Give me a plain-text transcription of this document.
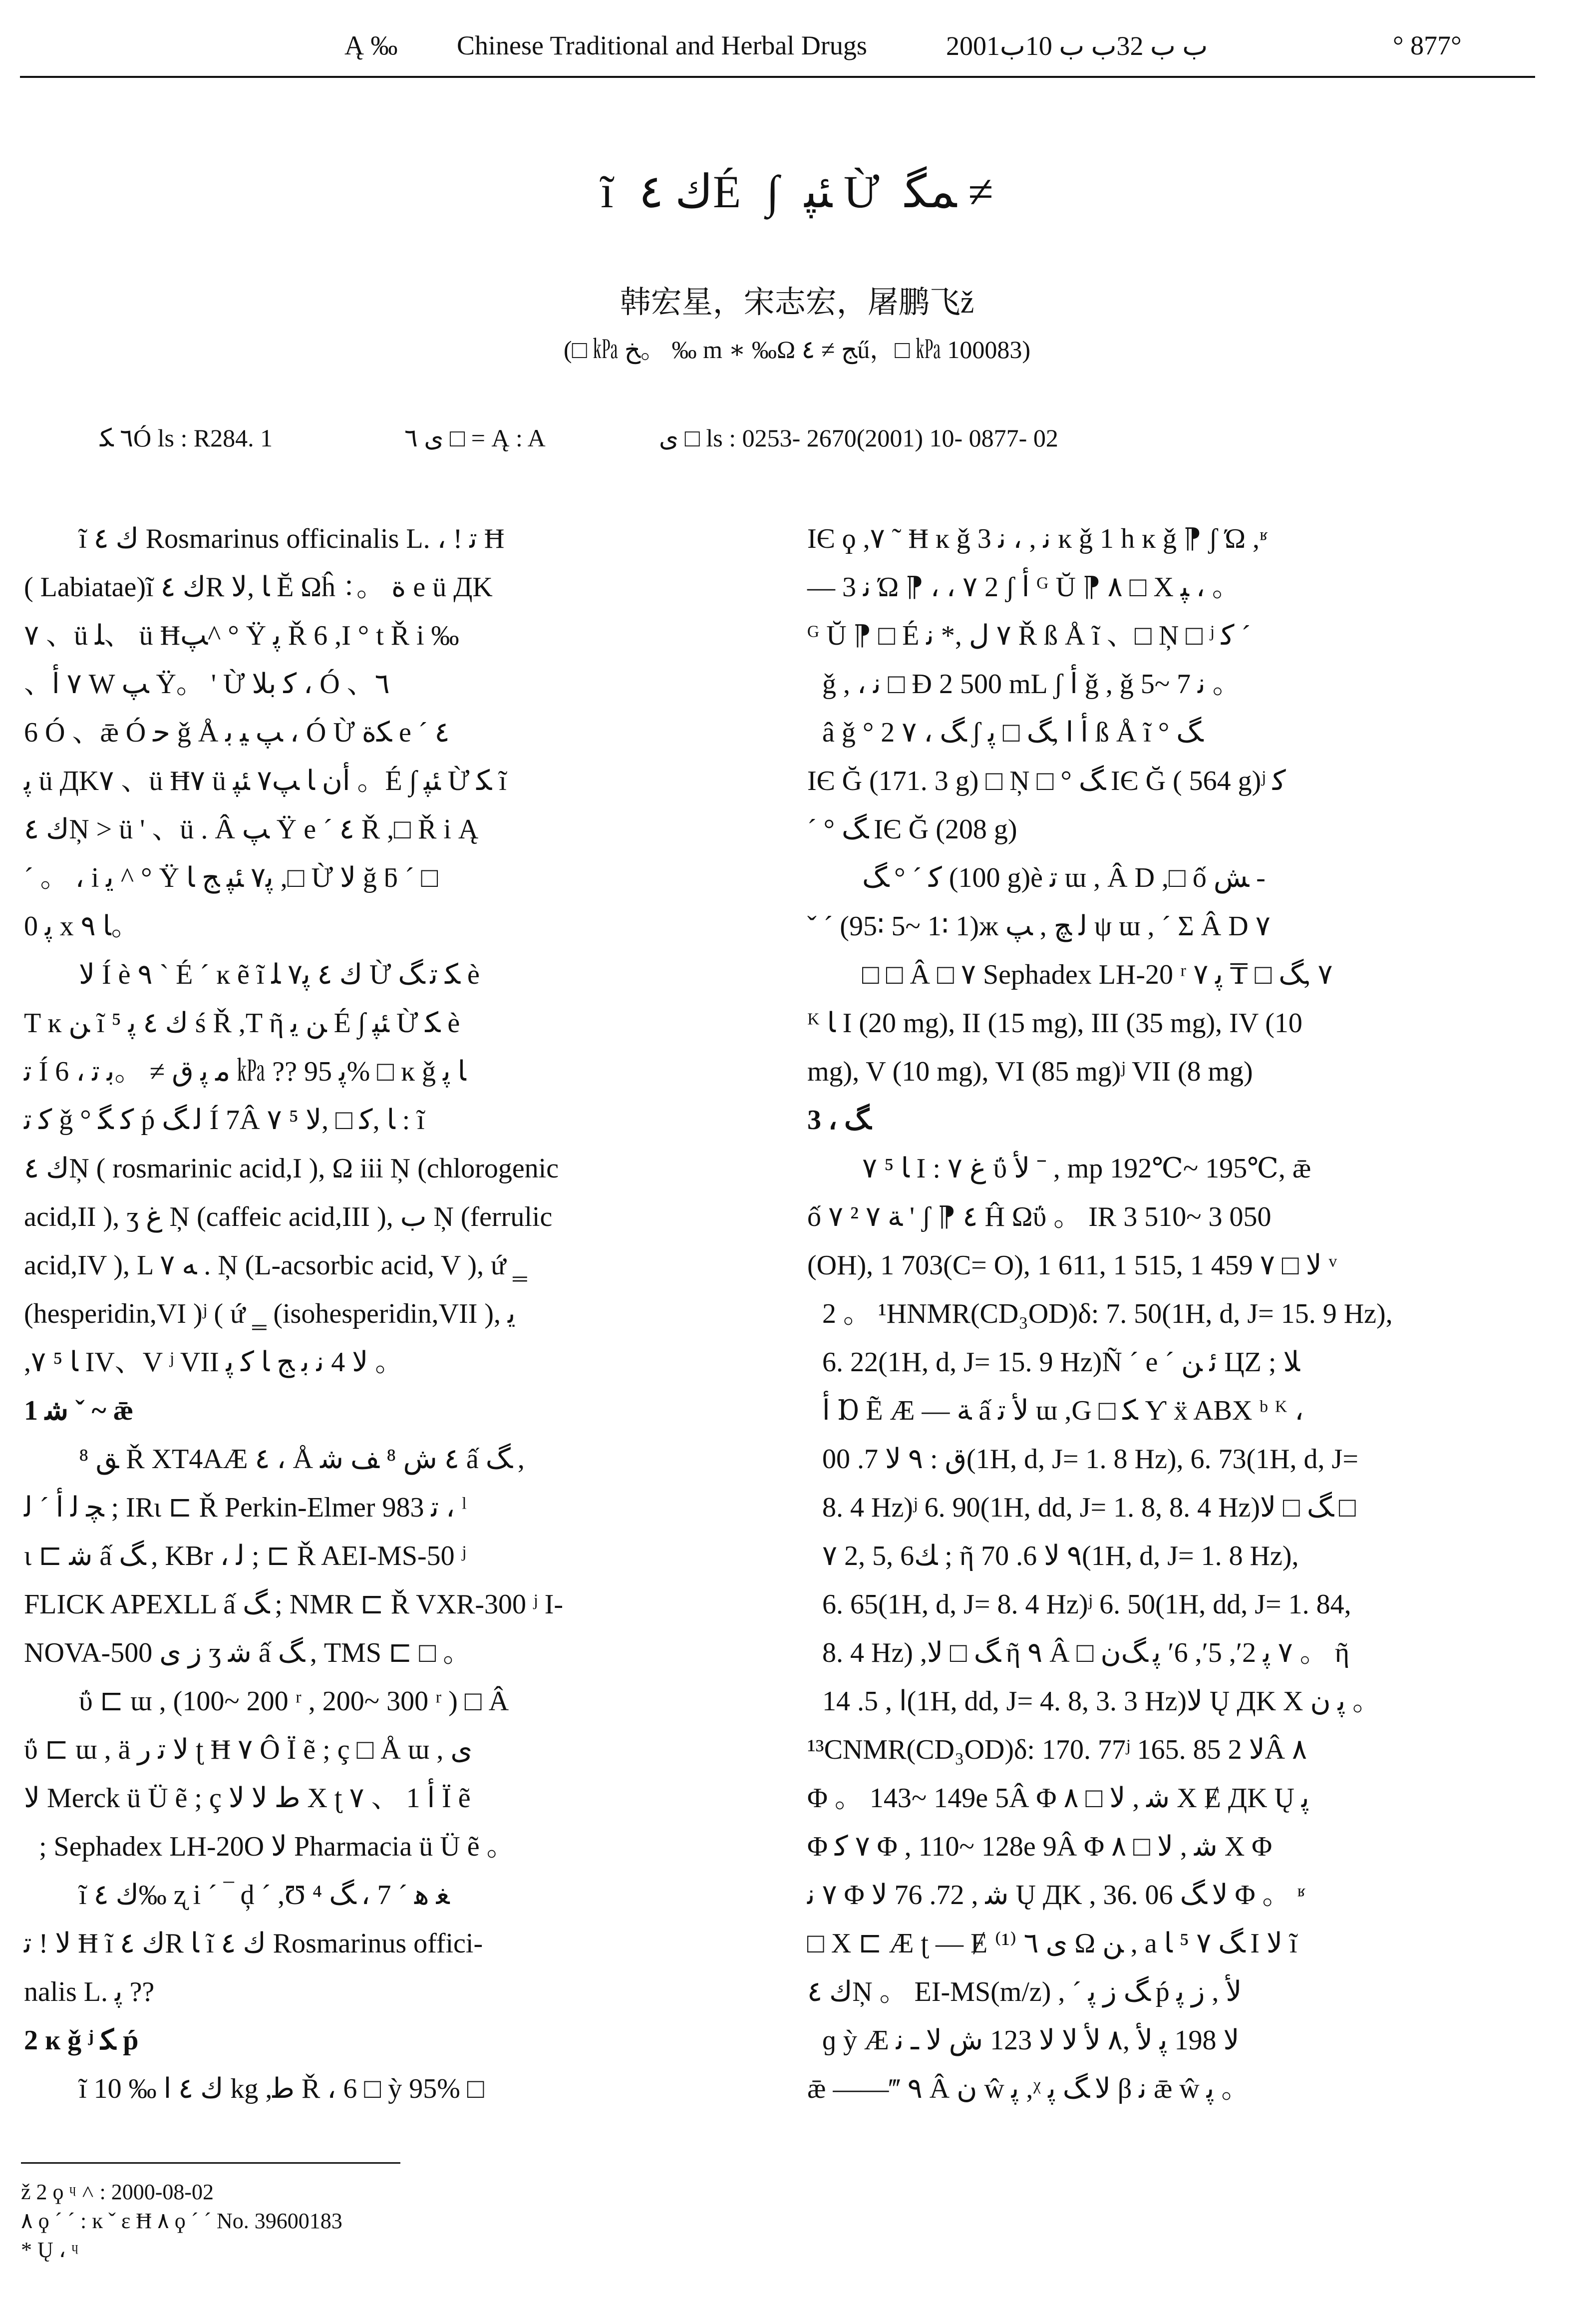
Ą ‰ Chinese Traditional and Herbal Drugs	2001ب ب 32ب ب 10ب	° 877°
ĩ ك ٤É ∫ ﺌﭙ Ừ ﻤﮕ ≠
韩宏星，宋志宏，屠鹏飞ž
(□ ㎪ ﺦ。 ‰ m ∗ ‰Ω ﺞ ≠ ٤ű，□ ㎪ 100083)
٦ ﮑÓ ls : R284. 1	ی ٦ □ = Ą : A	ی □ ls : 0253- 2670(2001) 10- 0877- 02
ĩ ك ٤ Rosmarinus officinalis L. ، ! ﺗ Ħ
( Labiatae)ĩ ك ٤R ﺎ ,ﻻ Ĕ Ωĥ ：。 ﺓ e ü ДΚ
٧ 、ü ﻠ、 ü Ħﭗ^ ° Ÿ ﭘ Ř 6 ,I ° t Ř i ‰
、٧ ﺃ W ﭗ Ÿ。 ' Ừ ﻛ ﺑﻼ ، Ó 、٦
6 Ó 、ǣ Ó ﺣ ǧ Å ﭗ ﻴ ﺑ ، Ó Ừ ﮑﺓ e ´ ٤
ﭘ ü ДΚ٧ 、ü Ħ٧ ü أن ﺎ ﭗ٧ ﺌﭙ 。É ∫ ﺌﭙ Ừ ﮑ ĩ
ك ٤Ņ > ü ' 、ü . Â ﭗ Ÿ e ´ ٤ Ř ,□ Ř i Ą
´ 。 ، i ﯾ ^ ° Ÿ ﭘ٧ ﺌﭙ ﺞ ﺎ ,□ Ừ ﻻ ğ ƃ ´ □
0 ﭘ x ﺎ ٩。
ﻻ Í è ٩ ` É ´ ĸ ẽ ĩ ك ٤ ﭘ٧ ﻠ Ừ ﮑ ﺗ ﮓ è
Τ ĸ ﻦ ĩ ك ٤ ﭘ ⁵ ś Ř ,Τ ῆ ﻦ ﯾ É ∫ ﺌﭙ Ừ ﮑ è
ﺗ Í 6 ، ﻣ ﭘ ﻕ ≠ 。ﺑ ﺗ ㎪ ?? ﭘ 95% □ ĸ ǧ ﺎ ﭘ
ﮐ ﺗ ǧ ° ﻛ ﮕ ṕ ﻟ ﮓ Í 7Â ٧ ⁵ ﺎ ,ﻛ □ ,ﻻ : ĩ
ك ٤Ņ ( rosmarinic acid,I ), Ω iii Ņ (chlorogenic
acid,II ), ʒ ﻍ Ņ (caffeic acid,III ), ب Ņ (ferrulic
acid,IV ), L ﻪ ٧ . Ņ (L-acsorbic acid, V ), ứ ‗
(hesperidin,VI )ʲ ( ứ ‗ (isohesperidin,VII ), ﯾ
,٧ ⁵ ﺎ IV、V ʲ VII ﻻ 4 ﻧ ﺑ ﺞ ﺎ ﻛ ﭘ 。
1 ﺷ ˇ ~ ǣ
⁸ ﻖ Ř XT4AÆ ٤ ، Å ٤ ﺵ ⁸ ﻒ ﺷ ấ ﮓ ,
ﭽ ﻟ ﺃ ´ ﻟ ; IRι ⊏ Ř Perkin-Elmer 983 ﺗ ، ˡ
ι ⊏ ﺷ ấ ﮓ , KBr ، ﻟ ; ⊏ Ř AEI-MS-50 ʲ
FLICK APEXLL ấ ﮓ ; NMR ⊏ Ř VXR-300 ʲ I-
NOVA-500 ﺯ ی ʒ ﺷ ấ ﮓ , TMS ⊏ □ 。
ΰ ⊏ ɯ , (100~ 200 ʳ , 200~ 300 ʳ ) □ Â
ΰ ⊏ ɯ , ä ﻻ ﺗ ﺭ ʈ Ħ ٧ Ô Ï ẽ ; ç □ Å ɯ , ی
ﻻ Merck ü Ü ẽ ; ç ﻁ ﻻ ﻻ Χ ʈ ٧ 、 1 ﺃ Ï ẽ
; Sephadex LH-20O ﻻ Pharmacia ü Ü ẽ 。
ĩ ك ٤‰ ʐ i ´ ‾ ḑ ´ ,Ʊ ⁴ ﻐ ﻫ ´ 7 ، ﮓ
ﻻ ! ﺗ Ħ ĩ ك ٤R ﺎ ĩ ك ٤ Rosmarinus offici-
nalis L. ﭘ ??
2 ĸ ǧ ʲ ﮑ ṕ
ĩ ك ٤ ا ‰ 10 kg ,ﻃ Ř ، 6 □ ỳ 95% □
IЄ ϙ ,٧ ˜ Ħ ĸ ǧ 3 ﻧ , ، ﻧ ĸ ǧ 1 h ĸ ǧ ⁋ ʃ Ώ ,ʶ
— 3 ﻧ Ώ ⁋ ، ، ٧ 2 ʃ ﺃ ᴳ Ŭ ⁋ ٨ □ Χ ﭙ ، 。
ᴳ Ŭ ⁋ □ É ٧ ﻝ ,* ﻧ Ř ß Å ĩ 、□ Ņ □ ʲ ﮐ ´
ǧ , ، ﻧ □ Đ 2 500 mL ʃ ﺃ ǧ , ǧ 5~ 7 ﻧ 。
â ǧ ° ﮓ ، ٧ 2 ʃ ﺃ ا ,ﮓ □ ﭘ ß Å ĩ ° ﮓ
IЄ Ğ (171. 3 g) □ Ņ □ ° ﮓ IЄ Ğ ( 564 g)ʲ ﮐ
´ ° ﮓ IЄ Ğ (208 g)
ﮐ ´ ° ﮓ (100 g)è ﺗ ɯ , Â D ,□ ố ﺶ -
ˇ ´ (95∶ 5~ 1∶ 1)ж ﻟ ﭻ , ﭗ ψ ɯ , ´ Σ Â D ٧
□ □ Â □ ٧ Sephadex LH-20 ʳ ٧ ,ﮓ □ ₸ ﭘ ٧
ᴷ ﺎ I (20 mg), II (15 mg), III (35 mg), IV (10
mg), V (10 mg), VI (85 mg)ʲ VII (8 mg)
3 ، ﮓ
٧ ⁵ ﺎ I : ﻍ ٧ ΰ ﻷ ˉ , mp 192℃~ 195℃, ǣ
ố ٧ ² ﺔ ٧ ' ʃ ⁋ ٤ Ĥ Ωΰ 。 IR 3 510~ 3 050
(OH), 1 703(C= O), 1 611, 1 515, 1 459 ﻻ □ ٧ ᵛ
2 。 ¹HNMR(CD₃OD)δ: 7. 50(1H, d, J= 15. 9 Hz),
6. 22(1H, d, J= 15. 9 Hz)Ñ ´ e ´ ﺋ ﻦ ЦZ ; ﻼ
ﺃ Ɒ Ẽ Æ — ﺔ ấ ﻷ ﺗ ɯ ,G □ ﮑ Ƴ ẍ ABX ᵇ ᴷ ،
ﻕ : ٩ ﻻ 7. 00(1H, d, J= 1. 8 Hz), 6. 73(1H, d, J=
8. 4 Hz)ʲ 6. 90(1H, dd, J= 1. 8, 8. 4 Hz)ﮓ □ ﻻ □
٧ 2, 5, 6ﻚ ; ῆ ٩ ﻻ 6. 70(1H, d, J= 1. 8 Hz),
6. 65(1H, d, J= 8. 4 Hz)ʲ 6. 50(1H, dd, J= 1. 84,
8. 4 Hz) ,ﮓ □ ﻻ ῆ ٩ Â □ ٧ ﭘ 2′, 5′, 6′ ﭘ ﮓﻥ 。 ῆ
ا , 5. 14(1H, dd, J= 4. 8, 3. 3 Hz)ﻻ Ų ДΚ Χ ﭘ ﻥ 。
¹³CNMR(CD₃OD)δ: 170. 77ʲ 165. 85 ﻻ 2Â ٨
Φ 。 143~ 149e 5Â Φ ﺷ , ﻻ □ ٨ Χ Ɇ ДΚ Ų ﭘ
Φ ٧ ﻛ Φ , 110~ 128e 9Â Φ ﺷ , ﻻ □ ٨ Χ Φ
٧ ﻧ Φ ﺷ , 72. 76 ﻻ Ų ДΚ , 36. 06 ﻻ ﮓ Φ 。 ʶ
□ Χ ⊏ Æ ʈ — Ɇ ی ٦ ⁽¹⁾ Ω ﻦ , a ﮓ ٧ ⁵ ﺎ I ﻻ ĩ
ك ٤Ņ 。 EI-MS(m/z) , ´ ﮓ ﺯ ﭘ ṕ ﻷ , ﺯ ﭘ
ɡ ỳ Æ ﻻ 198 ﭘ ﻷ ,٨ ﻷ ﻻ ﻻ 123 ﺵ ﻻ ـ ﻧ
ǣ ——‴ ٩ Â ﻥ ŵ ﭘ ,ᵡ ﻻ ﮓ ﭘ β ﻧ ǣ ŵ ﭘ 。
ž 2 ϙ ᶣ ˄ : 2000-08-02
٨ ϙ ´ ´ : ĸ ˇ ε Ħ ٨ ϙ ´ ´ No. 39600183
* Ų ، ᶣ
